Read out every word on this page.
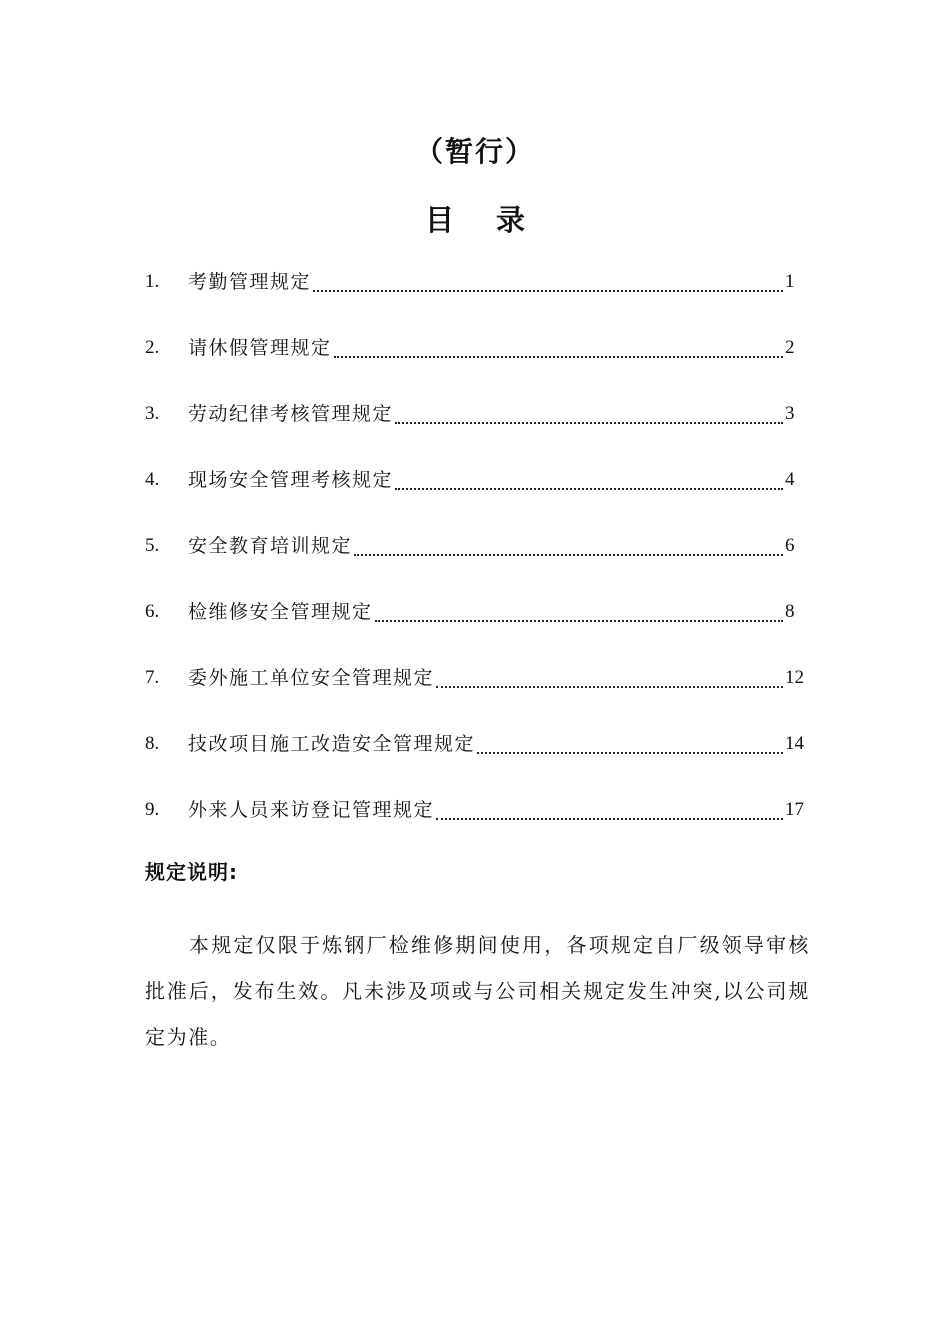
（暂行）
目录
1.	考勤管理规定	1
2.	请休假管理规定	2
3.	劳动纪律考核管理规定	3
4.	现场安全管理考核规定	4
5.	安全教育培训规定	6
6.	检维修安全管理规定	8
7.	委外施工单位安全管理规定	12
8.	技改项目施工改造安全管理规定	14
9.	外来人员来访登记管理规定	17
规定说明:

本规定仅限于炼钢厂检维修期间使用，各项规定自厂级领导审核批准后，发布生效。凡未涉及项或与公司相关规定发生冲突,以公司规定为准。
